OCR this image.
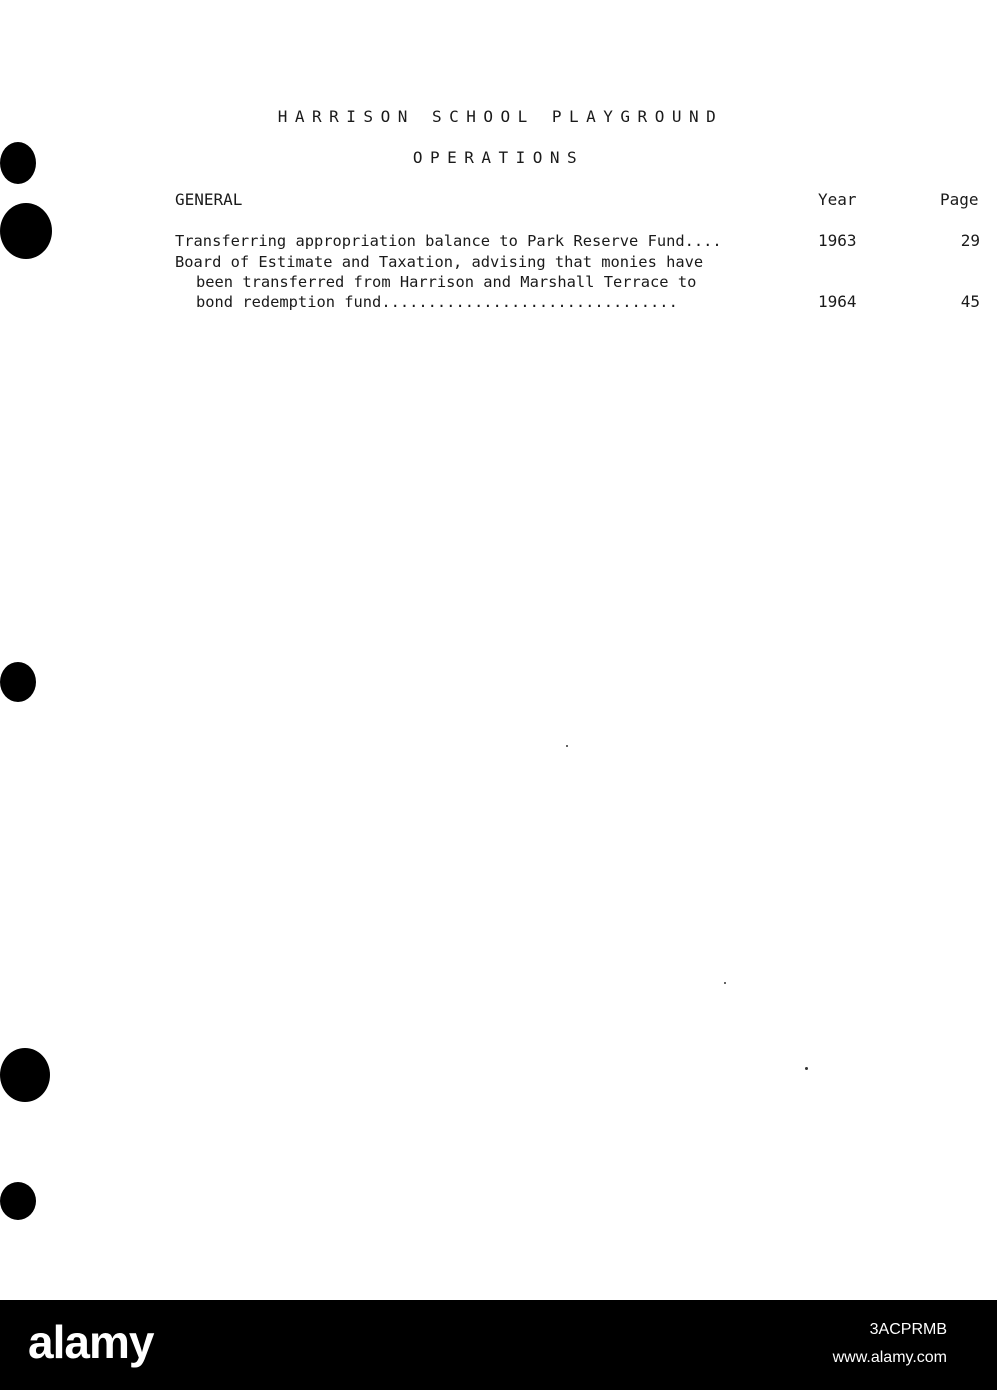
HARRISON SCHOOL PLAYGROUND
OPERATIONS
GENERAL	Year	Page
Transferring appropriation balance to Park Reserve Fund....	1963	29
Board of Estimate and Taxation, advising that monies have
been transferred from Harrison and Marshall Terrace to
bond redemption fund................................	1964	45
alamy	3ACPRMB
www.alamy.com
